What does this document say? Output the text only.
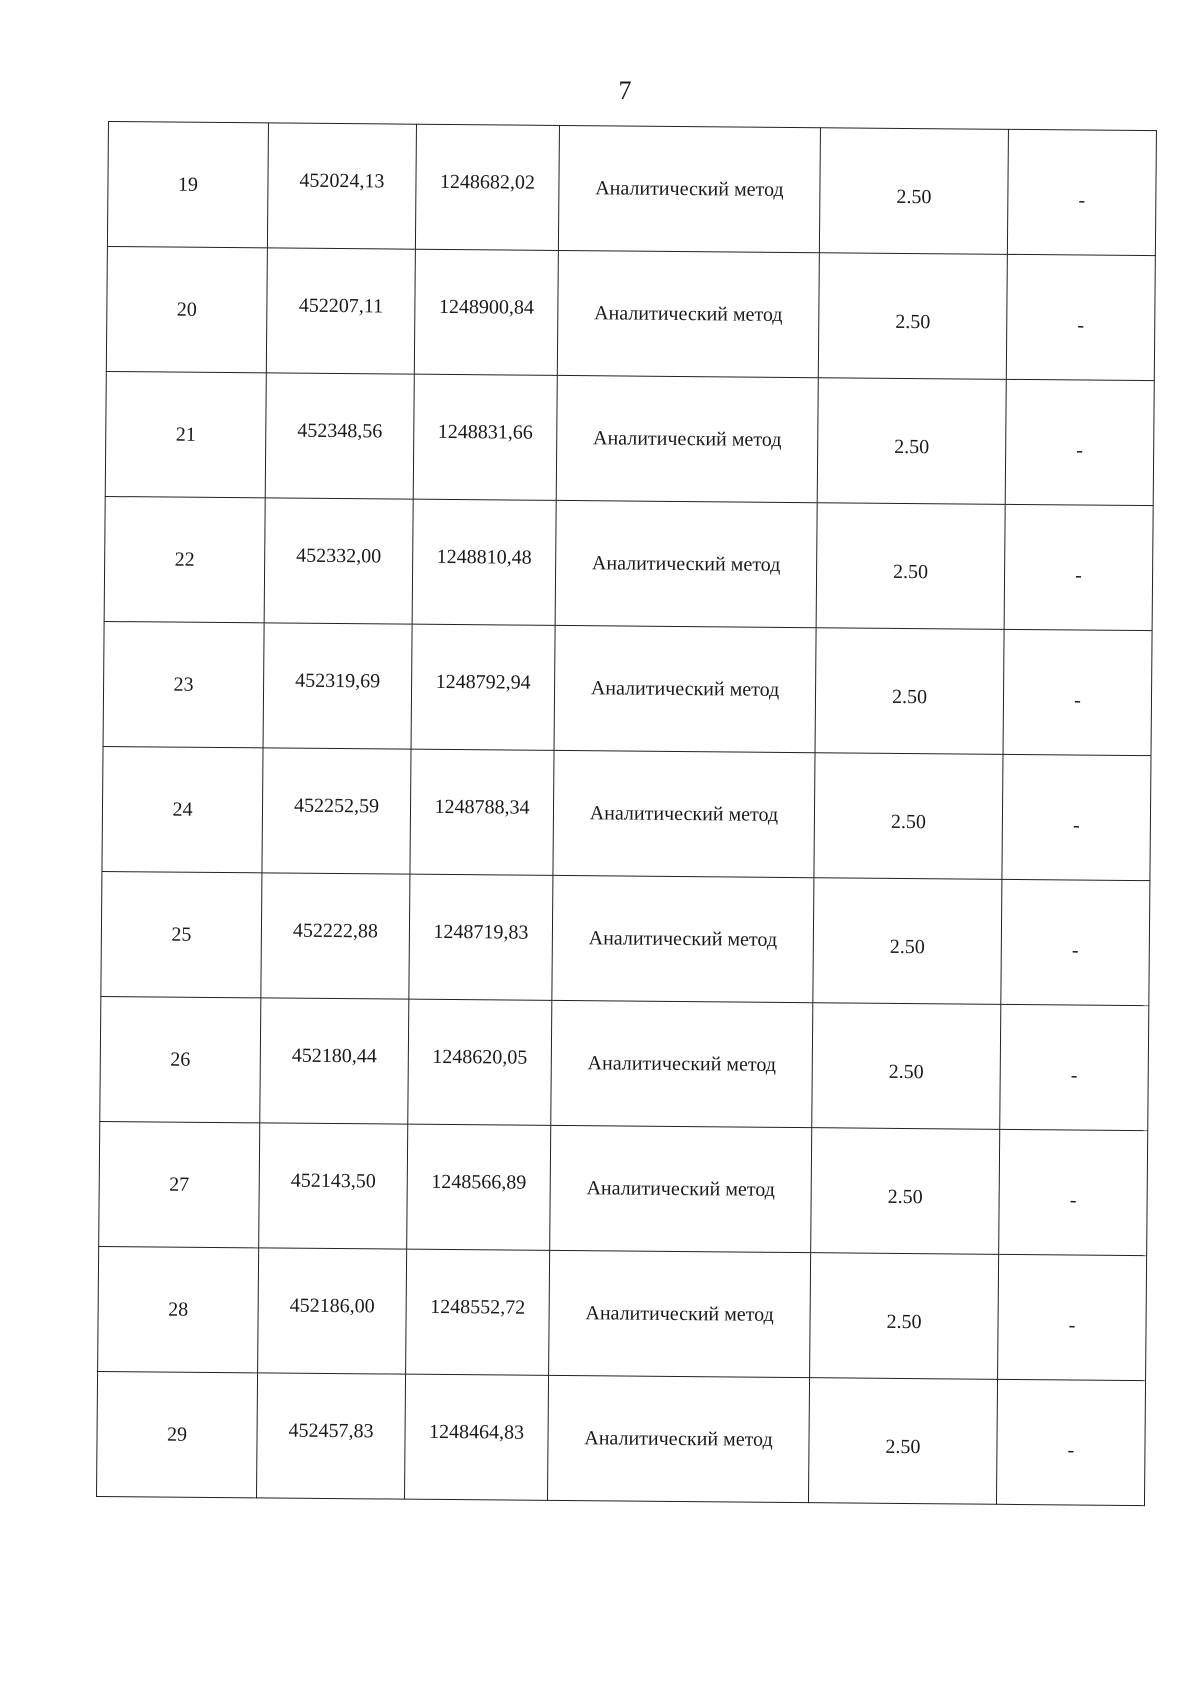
7
19	452024,13	1248682,02	Аналитический метод	2.50	-
20	452207,11	1248900,84	Аналитический метод	2.50	-
21	452348,56	1248831,66	Аналитический метод	2.50	-
22	452332,00	1248810,48	Аналитический метод	2.50	-
23	452319,69	1248792,94	Аналитический метод	2.50	-
24	452252,59	1248788,34	Аналитический метод	2.50	-
25	452222,88	1248719,83	Аналитический метод	2.50	-
26	452180,44	1248620,05	Аналитический метод	2.50	-
27	452143,50	1248566,89	Аналитический метод	2.50	-
28	452186,00	1248552,72	Аналитический метод	2.50	-
29	452457,83	1248464,83	Аналитический метод	2.50	-
